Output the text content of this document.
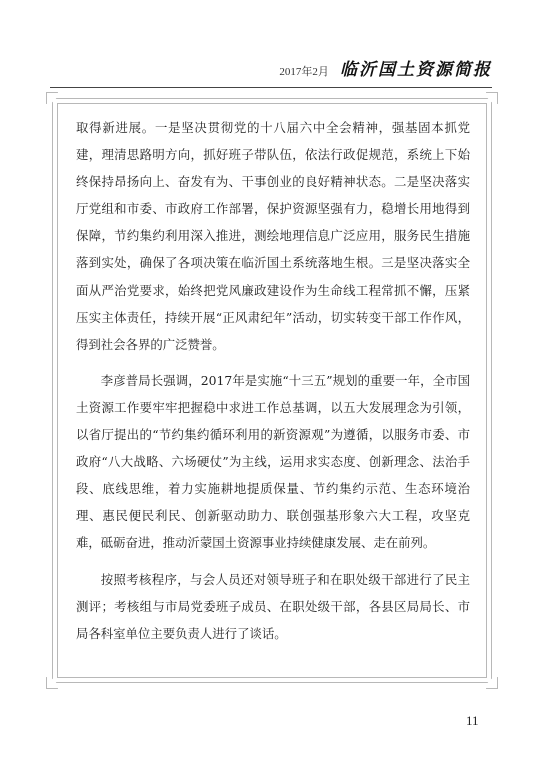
2017年2月 临沂国土资源简报

取得新进展。一是坚决贯彻党的十八届六中全会精神，强基固本抓党建，理清思路明方向，抓好班子带队伍，依法行政促规范，系统上下始终保持昂扬向上、奋发有为、干事创业的良好精神状态。二是坚决落实厅党组和市委、市政府工作部署，保护资源坚强有力，稳增长用地得到保障，节约集约利用深入推进，测绘地理信息广泛应用，服务民生措施落到实处，确保了各项决策在临沂国土系统落地生根。三是坚决落实全面从严治党要求，始终把党风廉政建设作为生命线工程常抓不懈，压紧压实主体责任，持续开展“正风肃纪年”活动，切实转变干部工作作风，得到社会各界的广泛赞誉。

李彦普局长强调，2017年是实施“十三五”规划的重要一年，全市国土资源工作要牢牢把握稳中求进工作总基调，以五大发展理念为引领，以省厅提出的“节约集约循环利用的新资源观”为遵循，以服务市委、市政府“八大战略、六场硬仗”为主线，运用求实态度、创新理念、法治手段、底线思维，着力实施耕地提质保量、节约集约示范、生态环境治理、惠民便民利民、创新驱动助力、联创强基形象六大工程，攻坚克难，砥砺奋进，推动沂蒙国土资源事业持续健康发展、走在前列。

按照考核程序，与会人员还对领导班子和在职处级干部进行了民主测评；考核组与市局党委班子成员、在职处级干部，各县区局局长、市局各科室单位主要负责人进行了谈话。

11
